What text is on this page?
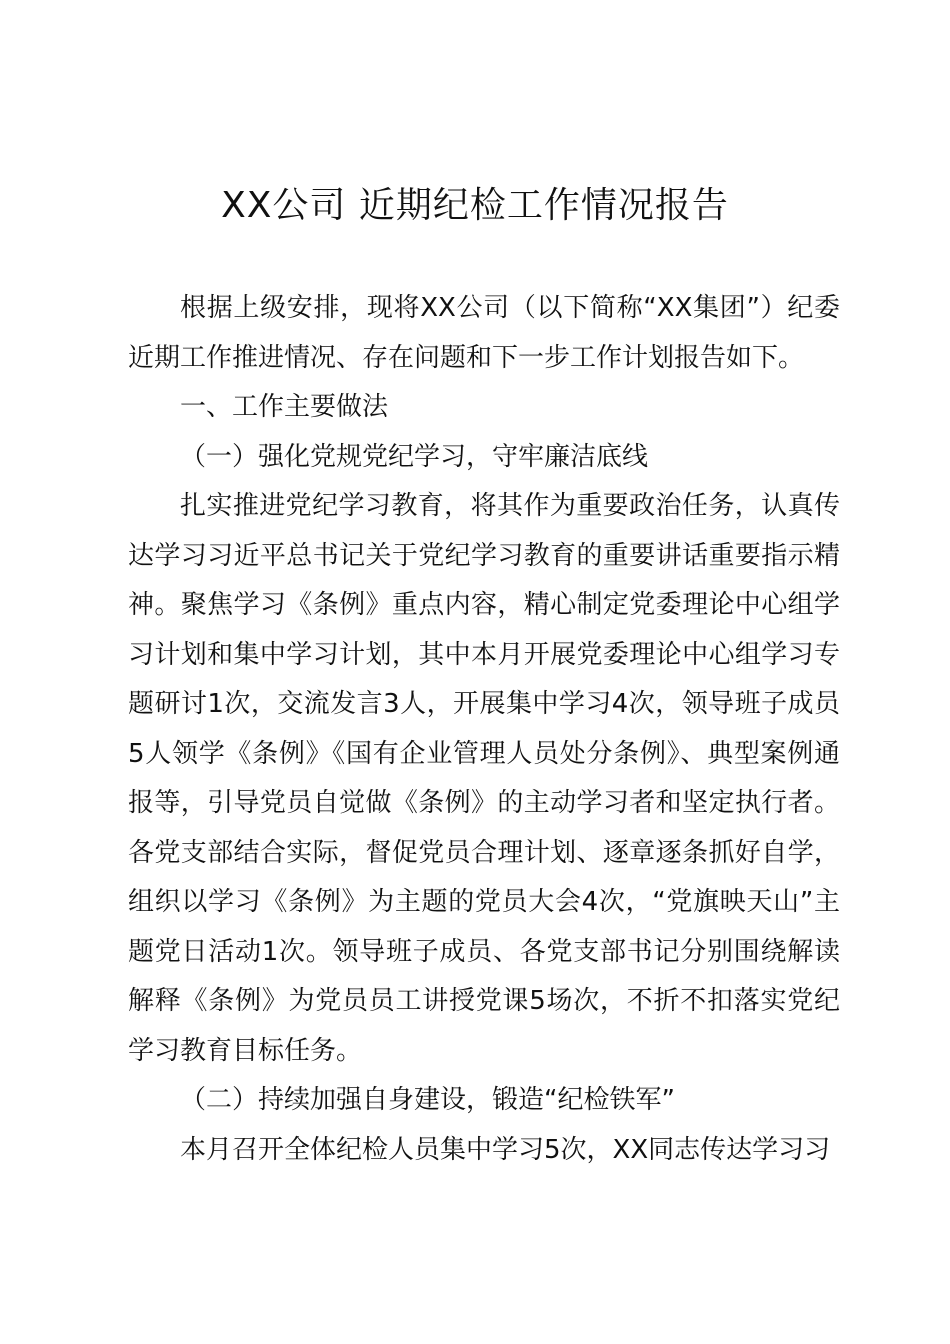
XX公司 近期纪检工作情况报告

根据上级安排，现将XX公司（以下简称“XX集团”）纪委近期工作推进情况、存在问题和下一步工作计划报告如下。

一、工作主要做法

（一）强化党规党纪学习，守牢廉洁底线

扎实推进党纪学习教育，将其作为重要政治任务，认真传达学习习近平总书记关于党纪学习教育的重要讲话重要指示精神。聚焦学习《条例》重点内容，精心制定党委理论中心组学习计划和集中学习计划，其中本月开展党委理论中心组学习专题研讨1次，交流发言3人，开展集中学习4次，领导班子成员5人领学《条例》《国有企业管理人员处分条例》、典型案例通报等，引导党员自觉做《条例》的主动学习者和坚定执行者。各党支部结合实际，督促党员合理计划、逐章逐条抓好自学，组织以学习《条例》为主题的党员大会4次，“党旗映天山”主题党日活动1次。领导班子成员、各党支部书记分别围绕解读解释《条例》为党员员工讲授党课5场次，不折不扣落实党纪学习教育目标任务。

（二）持续加强自身建设，锻造“纪检铁军”

本月召开全体纪检人员集中学习5次，XX同志传达学习习
